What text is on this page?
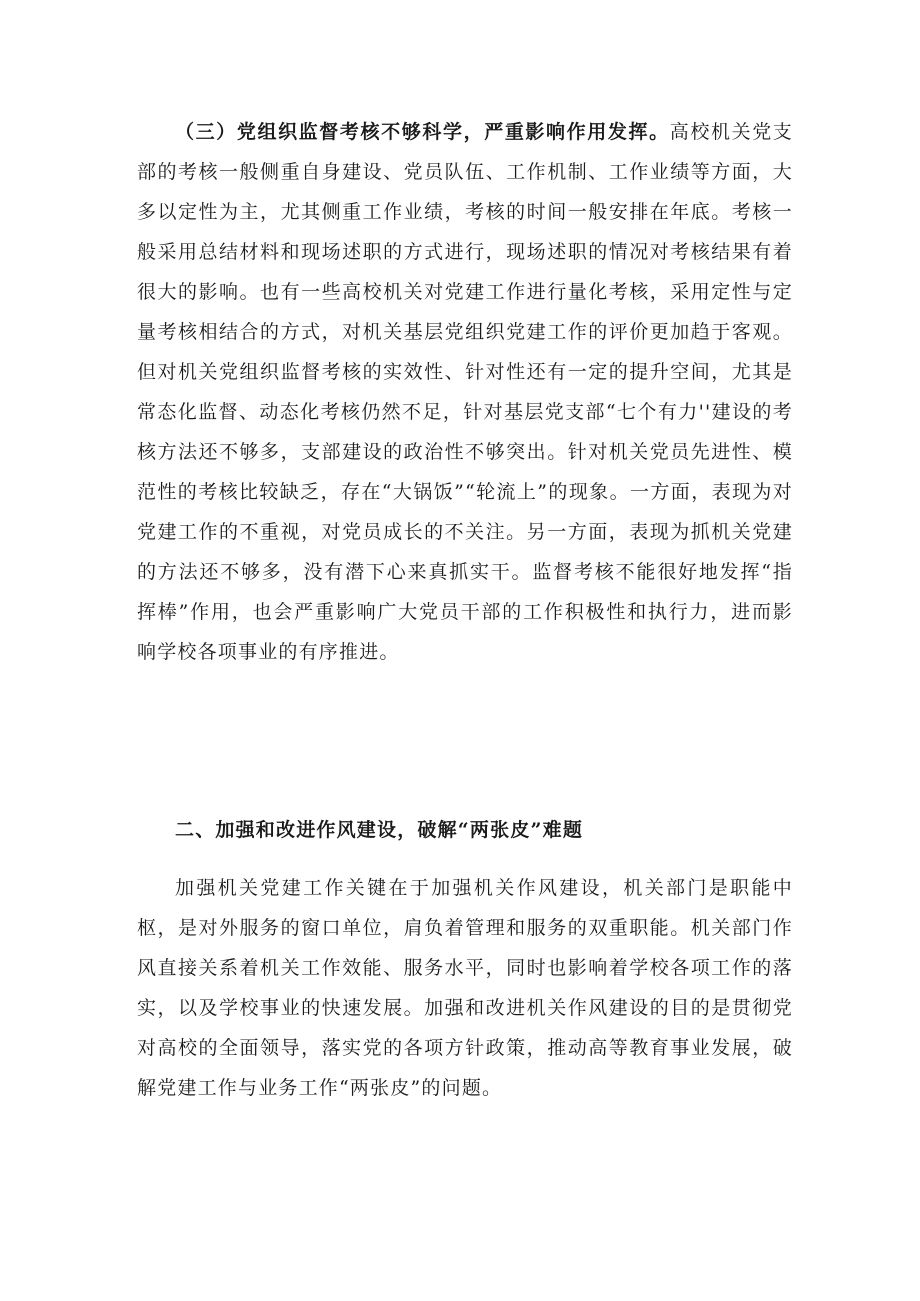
（三）党组织监督考核不够科学，严重影响作用发挥。高校机关党支部的考核一般侧重自身建设、党员队伍、工作机制、工作业绩等方面，大多以定性为主，尤其侧重工作业绩，考核的时间一般安排在年底。考核一般采用总结材料和现场述职的方式进行，现场述职的情况对考核结果有着很大的影响。也有一些高校机关对党建工作进行量化考核，采用定性与定量考核相结合的方式，对机关基层党组织党建工作的评价更加趋于客观。但对机关党组织监督考核的实效性、针对性还有一定的提升空间，尤其是常态化监督、动态化考核仍然不足，针对基层党支部“七个有力''建设的考核方法还不够多，支部建设的政治性不够突出。针对机关党员先进性、模范性的考核比较缺乏，存在“大锅饭”“轮流上”的现象。一方面，表现为对党建工作的不重视，对党员成长的不关注。另一方面，表现为抓机关党建的方法还不够多，没有潜下心来真抓实干。监督考核不能很好地发挥“指挥棒”作用，也会严重影响广大党员干部的工作积极性和执行力，进而影响学校各项事业的有序推进。

二、加强和改进作风建设，破解“两张皮”难题

加强机关党建工作关键在于加强机关作风建设，机关部门是职能中枢，是对外服务的窗口单位，肩负着管理和服务的双重职能。机关部门作风直接关系着机关工作效能、服务水平，同时也影响着学校各项工作的落实，以及学校事业的快速发展。加强和改进机关作风建设的目的是贯彻党对高校的全面领导，落实党的各项方针政策，推动高等教育事业发展，破解党建工作与业务工作“两张皮”的问题。
